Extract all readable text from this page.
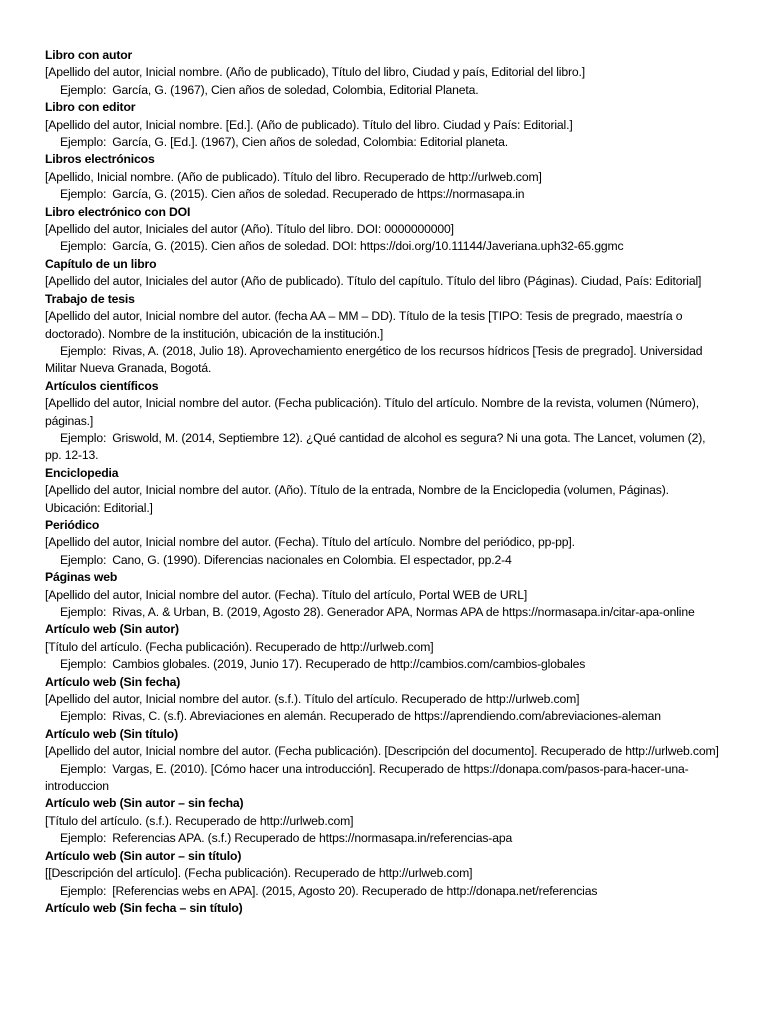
Libro con autor

[Apellido del autor, Inicial nombre. (Año de publicado), Título del libro, Ciudad y país, Editorial del libro.]

Ejemplo: García, G. (1967), Cien años de soledad, Colombia, Editorial Planeta.

Libro con editor

[Apellido del autor, Inicial nombre. [Ed.]. (Año de publicado). Título del libro. Ciudad y País: Editorial.]

Ejemplo: García, G. [Ed.]. (1967), Cien años de soledad, Colombia: Editorial planeta.

Libros electrónicos

[Apellido, Inicial nombre. (Año de publicado). Título del libro. Recuperado de http://urlweb.com]

Ejemplo: García, G. (2015). Cien años de soledad. Recuperado de https://normasapa.in

Libro electrónico con DOI

[Apellido del autor, Iniciales del autor (Año). Título del libro. DOI: 0000000000]

Ejemplo: García, G. (2015). Cien años de soledad. DOI: https://doi.org/10.11144/Javeriana.uph32-65.ggmc

Capítulo de un libro

[Apellido del autor, Iniciales del autor (Año de publicado). Título del capítulo. Título del libro (Páginas). Ciudad, País: Editorial]

Trabajo de tesis

[Apellido del autor, Inicial nombre del autor. (fecha AA – MM – DD). Título de la tesis [TIPO: Tesis de pregrado, maestría o doctorado). Nombre de la institución, ubicación de la institución.]

Ejemplo: Rivas, A. (2018, Julio 18). Aprovechamiento energético de los recursos hídricos [Tesis de pregrado]. Universidad Militar Nueva Granada, Bogotá.

Artículos científicos

[Apellido del autor, Inicial nombre del autor. (Fecha publicación). Título del artículo. Nombre de la revista, volumen (Número), páginas.]

Ejemplo: Griswold, M. (2014, Septiembre 12). ¿Qué cantidad de alcohol es segura? Ni una gota. The Lancet, volumen (2), pp. 12-13.

Enciclopedia

[Apellido del autor, Inicial nombre del autor. (Año). Título de la entrada, Nombre de la Enciclopedia (volumen, Páginas). Ubicación: Editorial.]

Periódico

[Apellido del autor, Inicial nombre del autor. (Fecha). Título del artículo. Nombre del periódico, pp-pp].

Ejemplo: Cano, G. (1990). Diferencias nacionales en Colombia. El espectador, pp.2-4

Páginas web

[Apellido del autor, Inicial nombre del autor. (Fecha). Título del artículo, Portal WEB de URL]

Ejemplo: Rivas, A. & Urban, B. (2019, Agosto 28). Generador APA, Normas APA de https://normasapa.in/citar-apa-online

Artículo web (Sin autor)

[Título del artículo. (Fecha publicación). Recuperado de http://urlweb.com]

Ejemplo: Cambios globales. (2019, Junio 17). Recuperado de http://cambios.com/cambios-globales

Artículo web (Sin fecha)

[Apellido del autor, Inicial nombre del autor. (s.f.). Título del artículo. Recuperado de http://urlweb.com]

Ejemplo: Rivas, C. (s.f). Abreviaciones en alemán. Recuperado de https://aprendiendo.com/abreviaciones-aleman

Artículo web (Sin título)

[Apellido del autor, Inicial nombre del autor. (Fecha publicación). [Descripción del documento]. Recuperado de http://urlweb.com]

Ejemplo: Vargas, E. (2010). [Cómo hacer una introducción]. Recuperado de https://donapa.com/pasos-para-hacer-una-introduccion

Artículo web (Sin autor – sin fecha)

[Título del artículo. (s.f.). Recuperado de http://urlweb.com]

Ejemplo: Referencias APA. (s.f.) Recuperado de https://normasapa.in/referencias-apa

Artículo web (Sin autor – sin título)

[[Descripción del artículo]. (Fecha publicación). Recuperado de http://urlweb.com]

Ejemplo: [Referencias webs en APA]. (2015, Agosto 20). Recuperado de http://donapa.net/referencias

Artículo web (Sin fecha – sin título)
